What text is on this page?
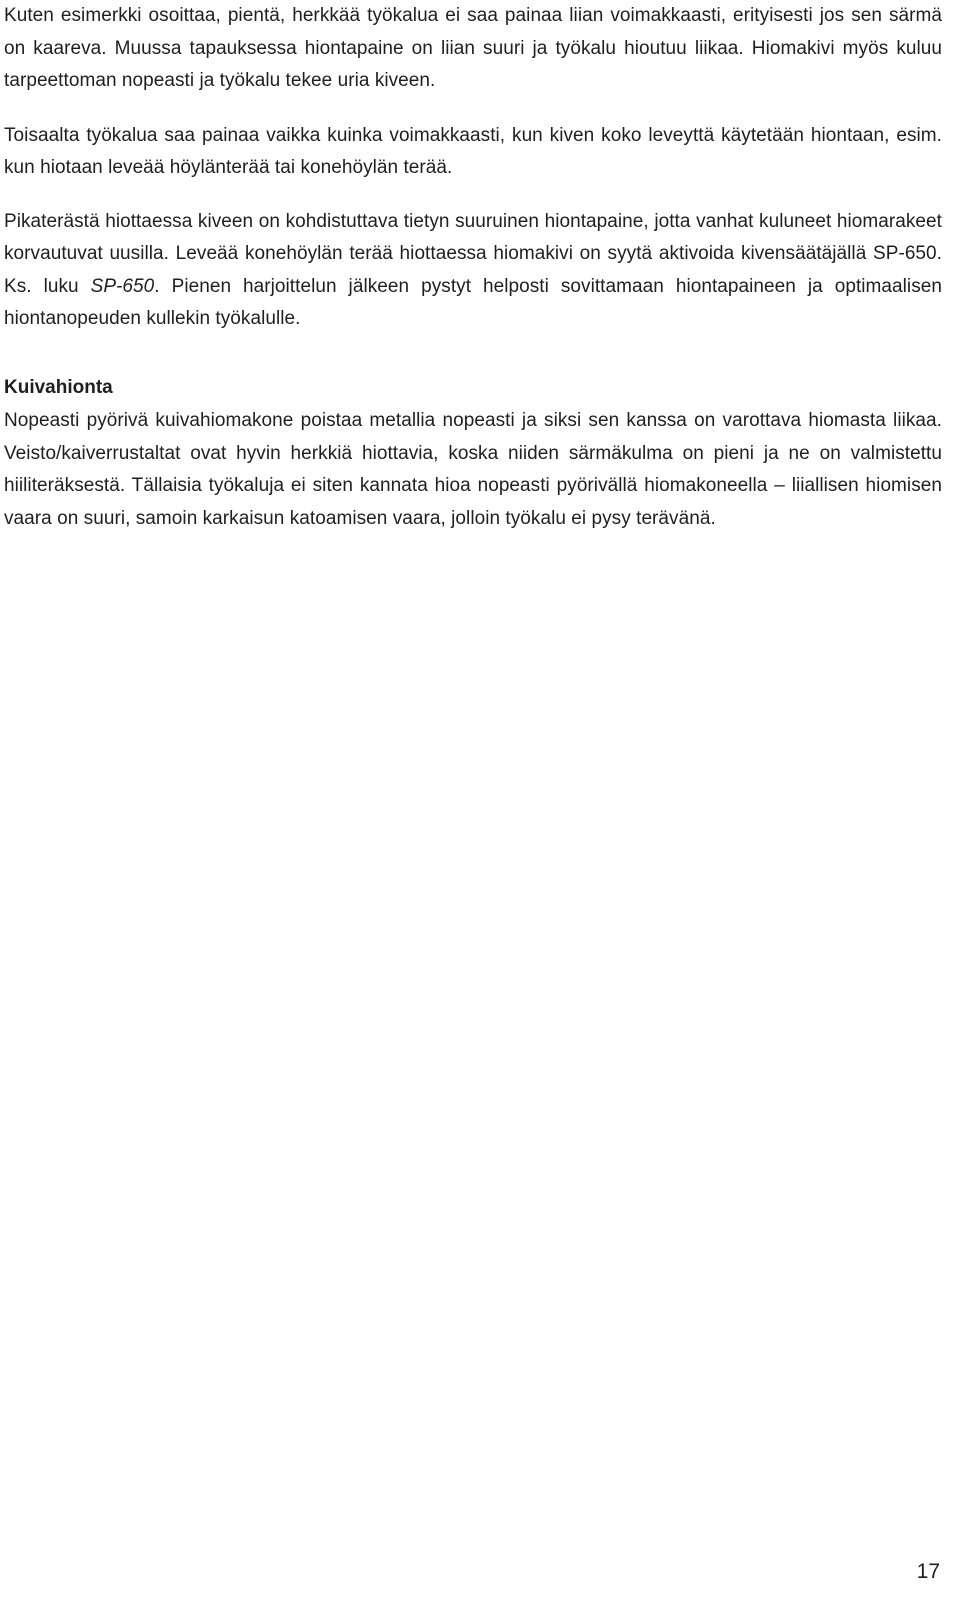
Kuten esimerkki osoittaa, pientä, herkkää työkalua ei saa painaa liian voimakkaasti, erityisesti jos sen särmä on kaareva. Muussa tapauksessa hiontapaine on liian suuri ja työkalu hioutuu liikaa. Hiomakivi myös kuluu tarpeettoman nopeasti ja työkalu tekee uria kiveen.

Toisaalta työkalua saa painaa vaikka kuinka voimakkaasti, kun kiven koko leveyttä käytetään hiontaan, esim. kun hiotaan leveää höylänterää tai konehöylän terää.

Pikaterästä hiottaessa kiveen on kohdistuttava tietyn suuruinen hiontapaine, jotta vanhat kuluneet hiomarakeet korvautuvat uusilla. Leveää konehöylän terää hiottaessa hiomakivi on syytä aktivoida kivensäätäjällä SP-650. Ks. luku SP-650. Pienen harjoittelun jälkeen pystyt helposti sovittamaan hiontapaineen ja optimaalisen hiontanopeuden kullekin työkalulle.

Kuivahionta

Nopeasti pyörivä kuivahiomakone poistaa metallia nopeasti ja siksi sen kanssa on varottava hiomasta liikaa. Veisto/kaiverrustaltat ovat hyvin herkkiä hiottavia, koska niiden särmäkulma on pieni ja ne on valmistettu hiiliteräksestä. Tällaisia työkaluja ei siten kannata hioa nopeasti pyörivällä hiomakoneella – liiallisen hiomisen vaara on suuri, samoin karkaisun katoamisen vaara, jolloin työkalu ei pysy terävänä.

17
